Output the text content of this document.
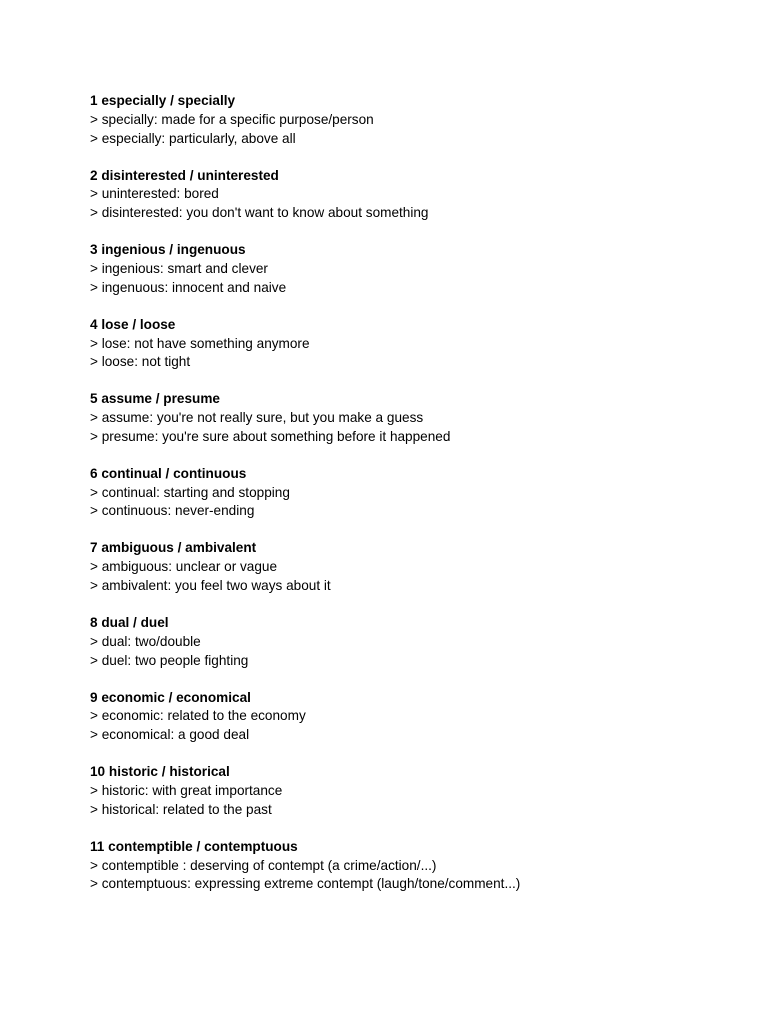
1 especially / specially
> specially: made for a specific purpose/person
> especially: particularly, above all
2 disinterested / uninterested
> uninterested: bored
> disinterested: you don't want to know about something
3 ingenious / ingenuous
> ingenious: smart and clever
> ingenuous: innocent and naive
4 lose / loose
> lose: not have something anymore
> loose: not tight
5 assume / presume
> assume: you're not really sure, but you make a guess
> presume: you're sure about something before it happened
6 continual / continuous
> continual: starting and stopping
> continuous: never-ending
7 ambiguous / ambivalent
> ambiguous: unclear or vague
> ambivalent: you feel two ways about it
8 dual / duel
> dual: two/double
> duel: two people fighting
9 economic / economical
> economic: related to the economy
> economical: a good deal
10 historic / historical
> historic: with great importance
> historical: related to the past
11 contemptible / contemptuous
> contemptible : deserving of contempt (a crime/action/...)
> contemptuous: expressing extreme contempt (laugh/tone/comment...)
